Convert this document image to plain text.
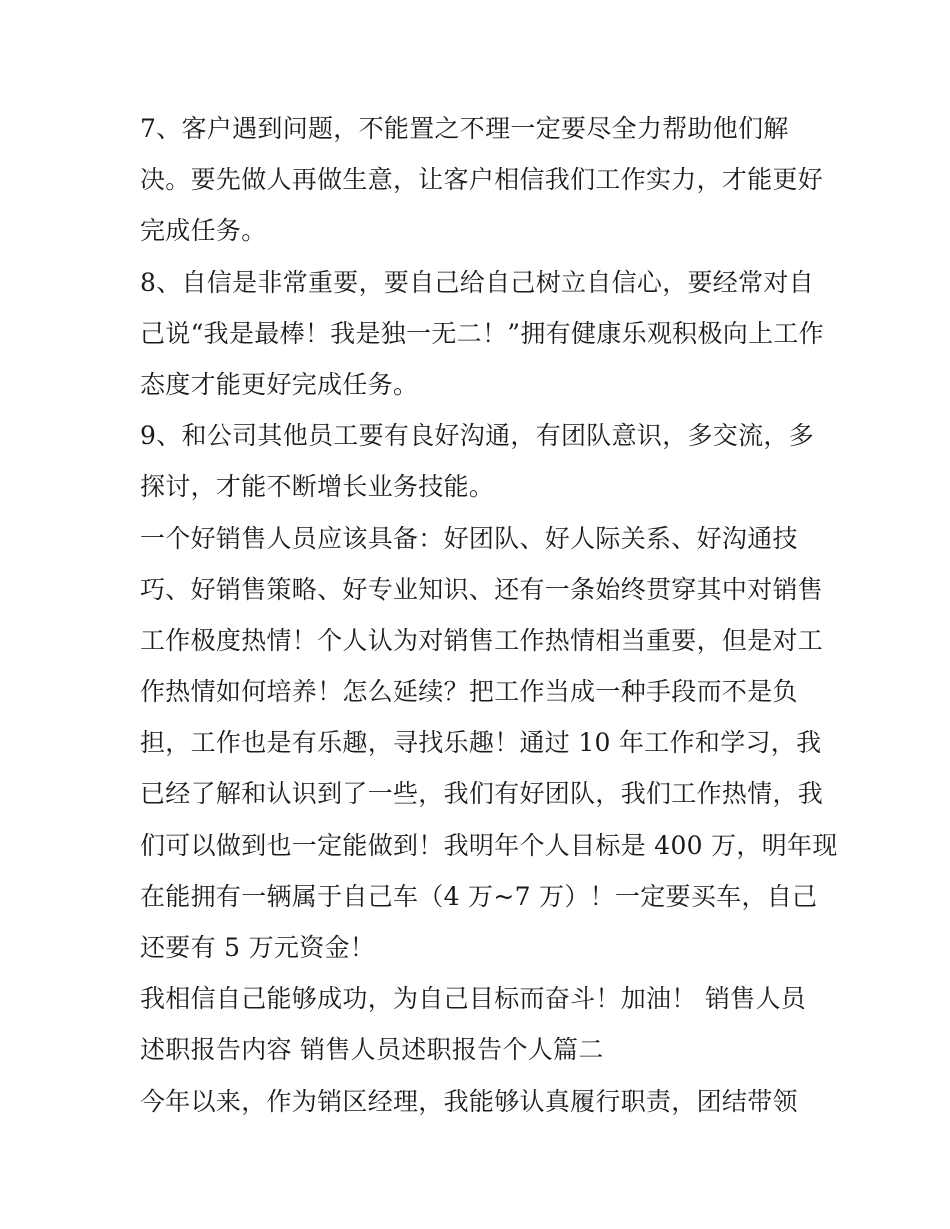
7、客户遇到问题，不能置之不理一定要尽全力帮助他们解
决。要先做人再做生意，让客户相信我们工作实力，才能更好
完成任务。
8、自信是非常重要，要自己给自己树立自信心，要经常对自
己说“我是最棒！我是独一无二！”拥有健康乐观积极向上工作
态度才能更好完成任务。
9、和公司其他员工要有良好沟通，有团队意识，多交流，多
探讨，才能不断增长业务技能。
一个好销售人员应该具备：好团队、好人际关系、好沟通技
巧、好销售策略、好专业知识、还有一条始终贯穿其中对销售
工作极度热情！个人认为对销售工作热情相当重要，但是对工
作热情如何培养！怎么延续？把工作当成一种手段而不是负
担，工作也是有乐趣，寻找乐趣！通过 10 年工作和学习，我
已经了解和认识到了一些，我们有好团队，我们工作热情，我
们可以做到也一定能做到！我明年个人目标是 400 万，明年现
在能拥有一辆属于自己车（4 万~7 万）！一定要买车，自己
还要有 5 万元资金！
我相信自己能够成功，为自己目标而奋斗！加油！ 销售人员
述职报告内容 销售人员述职报告个人篇二
今年以来，作为销区经理，我能够认真履行职责，团结带领
